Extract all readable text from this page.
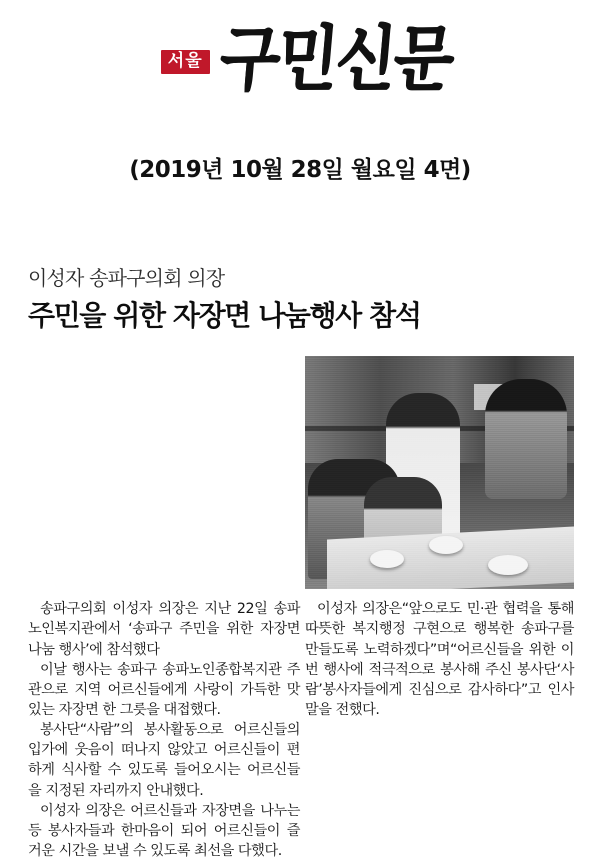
서울 구민신문
(2019년 10월 28일 월요일 4면)
이성자 송파구의회 의장
주민을 위한 자장면 나눔행사 참석

송파구의회 이성자 의장은 지난 22일 송파노인복지관에서 ‘송파구 주민을 위한 자장면 나눔 행사’에 참석했다

이날 행사는 송파구 송파노인종합복지관 주관으로 지역 어르신들에게 사랑이 가득한 맛있는 자장면 한 그릇을 대접했다.

봉사단“사람”의 봉사활동으로 어르신들의 입가에 웃음이 떠나지 않았고 어르신들이 편하게 식사할 수 있도록 들어오시는 어르신들을 지정된 자리까지 안내했다.

이성자 의장은 어르신들과 자장면을 나누는 등 봉사자들과 한마음이 되어 어르신들이 즐거운 시간을 보낼 수 있도록 최선을 다했다.

이성자 의장은“앞으로도 민·관 협력을 통해 따뜻한 복지행정 구현으로 행복한 송파구를 만들도록 노력하겠다”며“어르신들을 위한 이번 행사에 적극적으로 봉사해 주신 봉사단‘사람’봉사자들에게 진심으로 감사하다”고 인사말을 전했다.
